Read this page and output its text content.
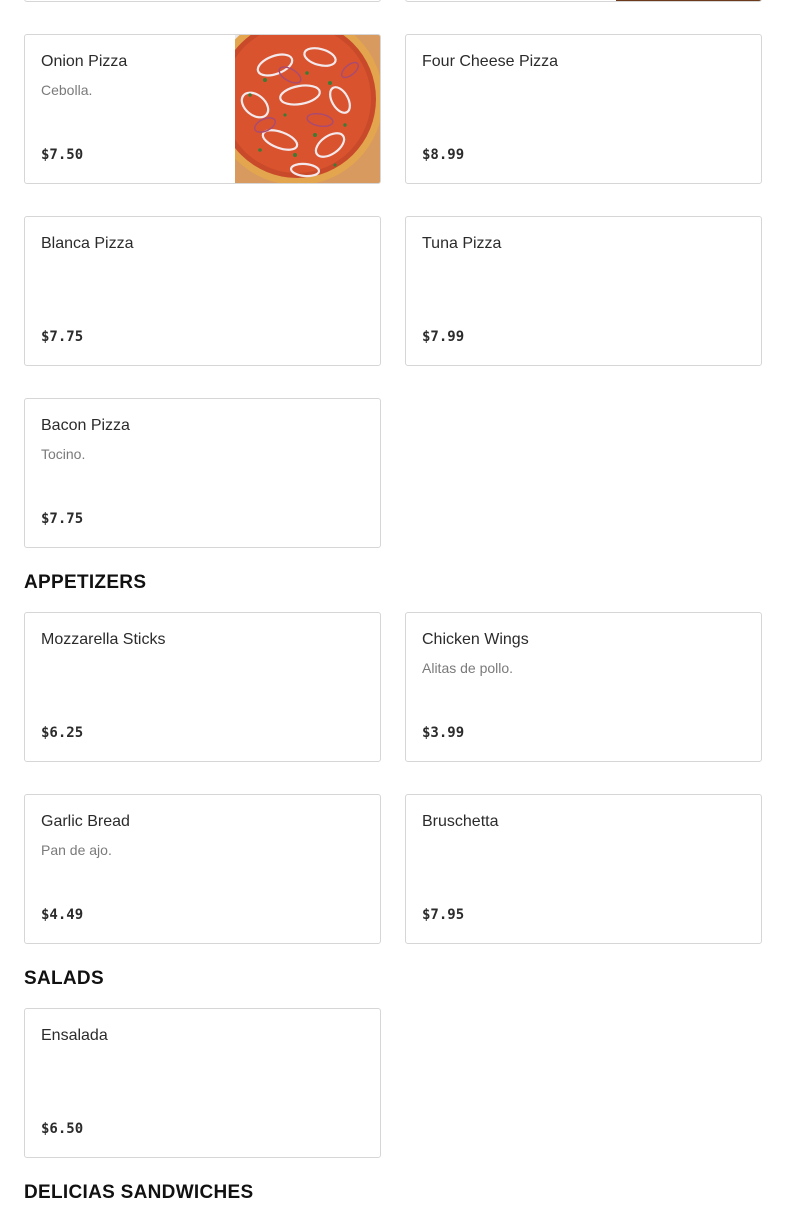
Onion Pizza
Cebolla.
$7.50
Four Cheese Pizza
$8.99
Blanca Pizza
$7.75
Tuna Pizza
$7.99
Bacon Pizza
Tocino.
$7.75
APPETIZERS
Mozzarella Sticks
$6.25
Chicken Wings
Alitas de pollo.
$3.99
Garlic Bread
Pan de ajo.
$4.49
Bruschetta
$7.95
SALADS
Ensalada
$6.50
DELICIAS SANDWICHES
